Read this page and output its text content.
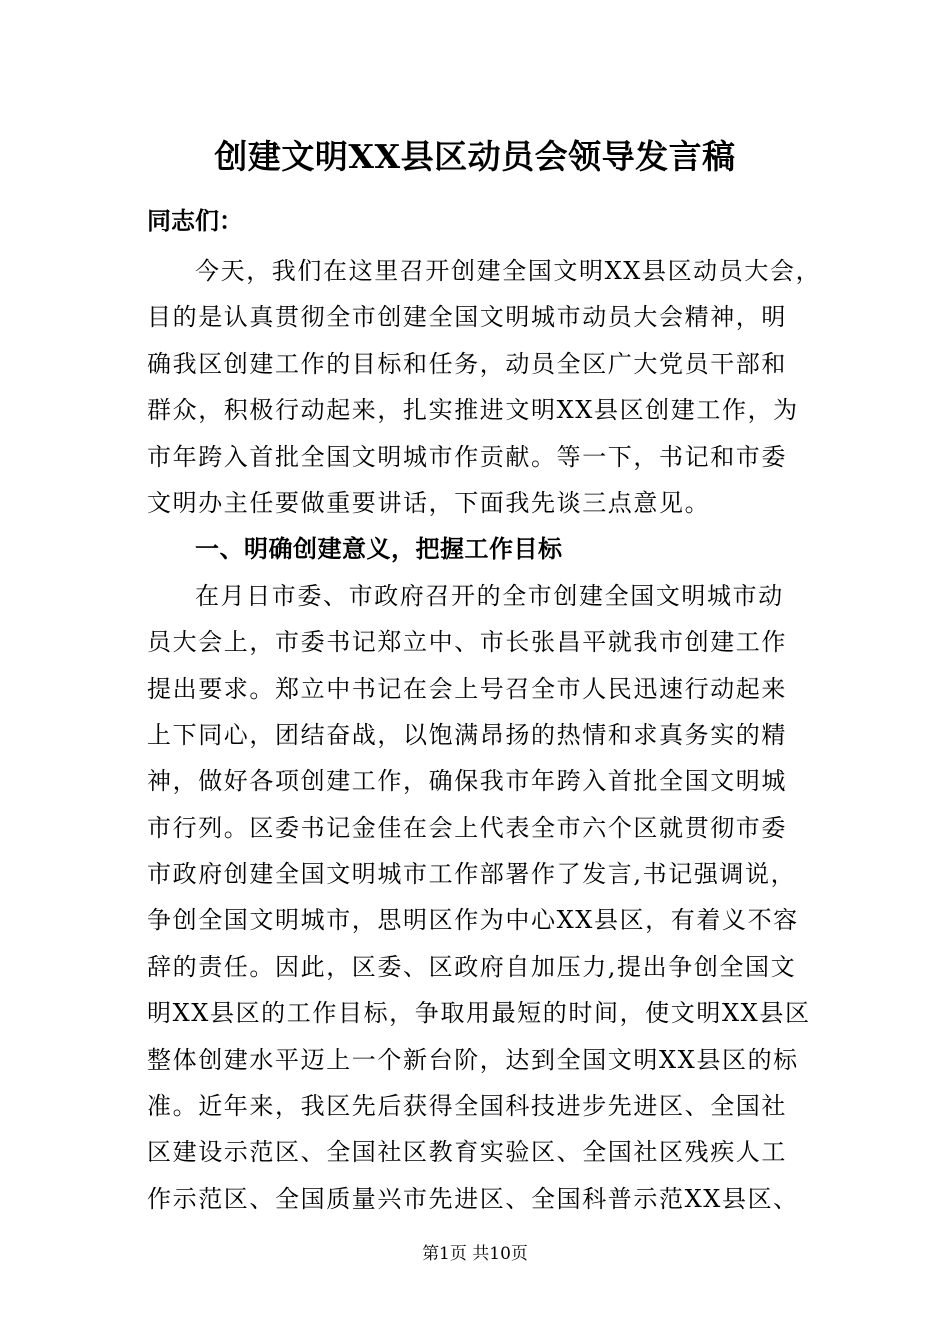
创建文明XX县区动员会领导发言稿
同志们：
今天，我们在这里召开创建全国文明XX县区动员大会，
目的是认真贯彻全市创建全国文明城市动员大会精神，明
确我区创建工作的目标和任务，动员全区广大党员干部和
群众，积极行动起来，扎实推进文明XX县区创建工作，为
市年跨入首批全国文明城市作贡献。等一下，书记和市委
文明办主任要做重要讲话，下面我先谈三点意见。
一、明确创建意义，把握工作目标
在月日市委、市政府召开的全市创建全国文明城市动
员大会上，市委书记郑立中、市长张昌平就我市创建工作
提出要求。郑立中书记在会上号召全市人民迅速行动起来
上下同心，团结奋战，以饱满昂扬的热情和求真务实的精
神，做好各项创建工作，确保我市年跨入首批全国文明城
市行列。区委书记金佳在会上代表全市六个区就贯彻市委
市政府创建全国文明城市工作部署作了发言,书记强调说，
争创全国文明城市，思明区作为中心XX县区，有着义不容
辞的责任。因此，区委、区政府自加压力,提出争创全国文
明XX县区的工作目标，争取用最短的时间，使文明XX县区
整体创建水平迈上一个新台阶，达到全国文明XX县区的标
准。近年来，我区先后获得全国科技进步先进区、全国社
区建设示范区、全国社区教育实验区、全国社区残疾人工
作示范区、全国质量兴市先进区、全国科普示范XX县区、
第1页 共10页
